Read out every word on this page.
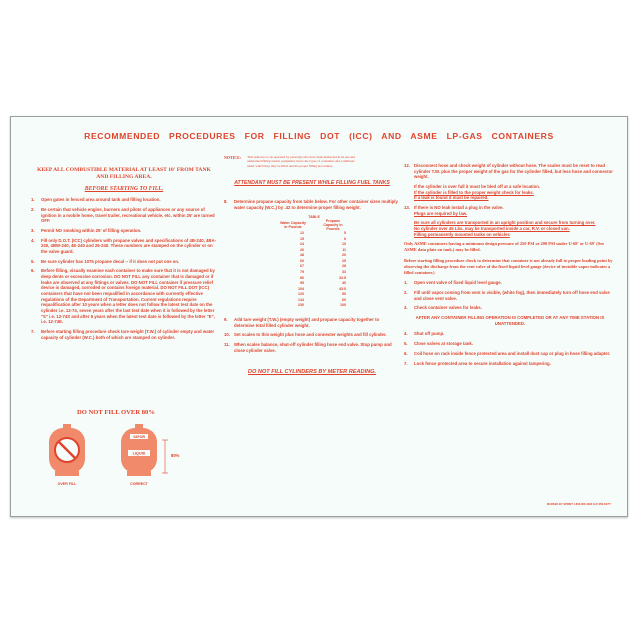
RECOMMENDED PROCEDURES FOR FILLING DOT (ICC) AND ASME LP-GAS CONTAINERS
KEEP ALL COMBUSTIBLE MATERIAL AT LEAST 10' FROM TANK AND FILLING AREA.
BEFORE STARTING TO FILL.
1.	Open gates in fenced area around tank and filling location.
2.	Be certain that vehicle engine, burners and pilots of appliances or any source of ignition in a mobile home, travel trailer, recreational vehicle, etc. within 25' are turned OFF.
3.	Permit NO smoking within 25' of filling operation.
4.	Fill only D.O.T. (ICC) cylinders with propane valves and specifications of 4B-240, 4BA-240, 4BW-240, 4E-240 and 26-240. These numbers are stamped on the cylinder or on the valve guard.
5.	Be sure cylinder has 1075 propane decal -- if it does not put one on.
6.	Before filling, visually examine each container to make sure that it is not damaged by deep dents or excessive corrosion. DO NOT FILL any container that is damaged or if leaks are observed at any fittings or valves. DO NOT FILL container if pressure relief device is damaged, corroded or contains foreign material. DO NOT FILL DOT (ICC) containers that have not been requalified in accordance with currently effective regulations of the Department of Transportation. Current regulations require requalification after 10 years when a letter does not follow the latest test date on the cylinder i.e. 12-74, seven years after the last test date when it is followed by the letter "S" i.e. 12-74S and after 5 years when the latest test date is followed by the letter "E", i.e. 12-74E.
7.	Before starting filling procedure check tare weight (T.W.) of cylinder empty and water capacity of cylinder (W.C.) both of which are stamped on cylinder.
DO NOT FILL OVER 80%
OVER FILL
VAPOR
LIQUID	80%
CORRECT
NOTICE: This station is to be operated by person(s) who have been instructed in its use and understand filling station equipment, know the types of containers and conditions under which they may be filled and the proper filling procedures.
ATTENDANT MUST BE PRESENT WHILE FILLING FUEL TANKS
8.	Determine propane capacity from table below. For other container sizes multiply water capacity (W.C.) by .42 to determine proper filling weight.
TABLE	
Water Capacity In Pounds	Propane Capacity In Pounds
12	5
15	6
24	10
26	11
48	20
60	25
67	28
79	33
80	33.5
95	40
104	43.5
120	50
144	60
230	100
9.	Add tare weight (T.W.) (empty weight) and propane capacity together to determine total filled cylinder weight.
10. Set scales to this weight plus hose and connecter weights and fill cylinder.
11. When scales balance, shut-off cylinder filling hose end valve. Stop pump and close cylinder valve.
DO NOT FILL CYLINDERS BY METER READING.
12. Disconnect hose and check weight of cylinder without hose. The scales must be reset to read cylinder T.W. plus the proper weight of the gas for the cylinder filled, but less hose and connector weight.
If the cylinder is over full it must be bled off at a safe location.
If the cylinder is filled to the proper weight check for leaks.
If a leak is found it must be repaired.
13. If there is NO leak install a plug in the valve.
Plugs are required by law.
Be sure all cylinders are transported in an upright position and secure from turning over.
No cylinder over 45 Lbs. may be transported inside a car, R.V. or closed van.
Filling permanently mounted tanks on vehicles
Only ASME containers having a minimum design pressure of 250 PSI or 200 PSI under U-68' or U-69' (See ASME data plate on tank.) may be filled.
Before starting filling procedure check to determine that container is not already full to proper loading point by observing the discharge from the vent valve of the fixed liquid level gauge (device of invisible vapor indicates a filled container.)
1.	Open vent valve of fixed liquid level gauge.
2.	Fill until vapor coming from vent is visible, (white fog), then immediately turn off hose end valve and close vent valve.
3.	Check container valves for leaks.
AFTER ANY CONTAINER FILLING OPERATION IS COMPLETED OR AT ANY TIME STATION IS UNATTENDED.
4.	Shut off pump.
5.	Close valves at storage tank.
6.	Coil hose on rack inside fence protected area and install dust cap or plug in hose filling adapter.
7.	Lock fence protected area to secure installation against tampering.
MARKED BY SPRINT 1-800-806-4936 CLP-DW-DOT?
